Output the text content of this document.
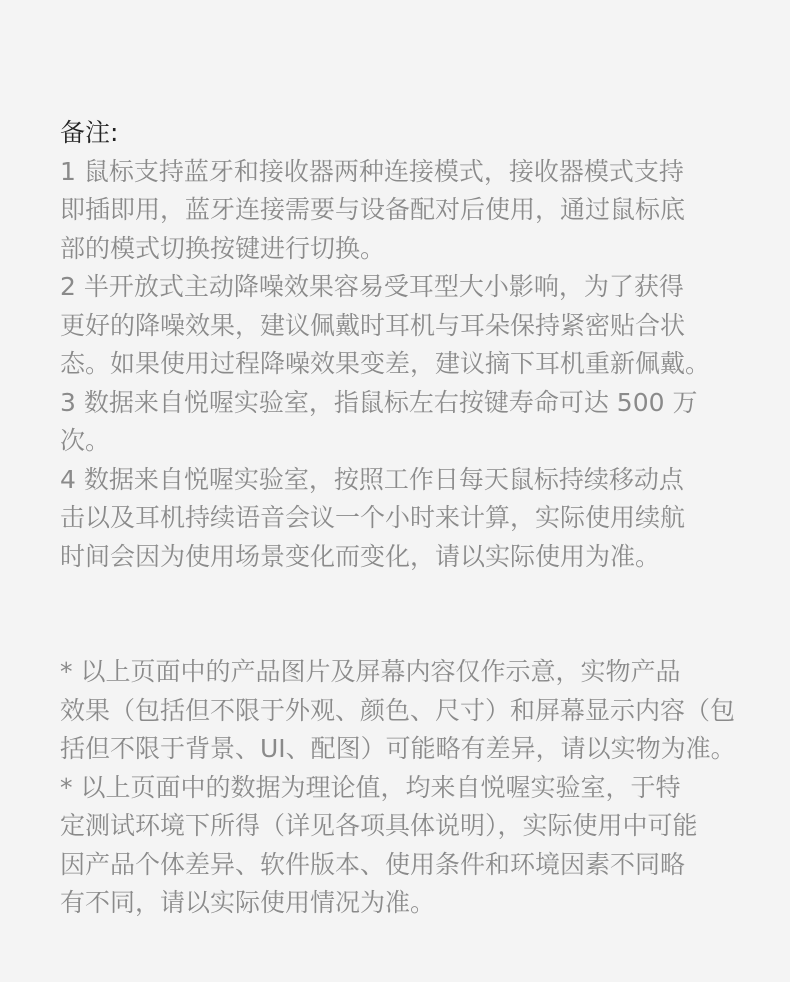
备注:
1 鼠标支持蓝牙和接收器两种连接模式，接收器模式支持
即插即用，蓝牙连接需要与设备配对后使用，通过鼠标底
部的模式切换按键进行切换。
2 半开放式主动降噪效果容易受耳型大小影响，为了获得
更好的降噪效果，建议佩戴时耳机与耳朵保持紧密贴合状
态。如果使用过程降噪效果变差，建议摘下耳机重新佩戴。
3 数据来自悦喔实验室，指鼠标左右按键寿命可达 500 万
次。
4 数据来自悦喔实验室，按照工作日每天鼠标持续移动点
击以及耳机持续语音会议一个小时来计算，实际使用续航
时间会因为使用场景变化而变化，请以实际使用为准。
* 以上页面中的产品图片及屏幕内容仅作示意，实物产品
效果（包括但不限于外观、颜色、尺寸）和屏幕显示内容（包
括但不限于背景、UI、配图）可能略有差异，请以实物为准。
* 以上页面中的数据为理论值，均来自悦喔实验室，于特
定测试环境下所得（详见各项具体说明），实际使用中可能
因产品个体差异、软件版本、使用条件和环境因素不同略
有不同，请以实际使用情况为准。
